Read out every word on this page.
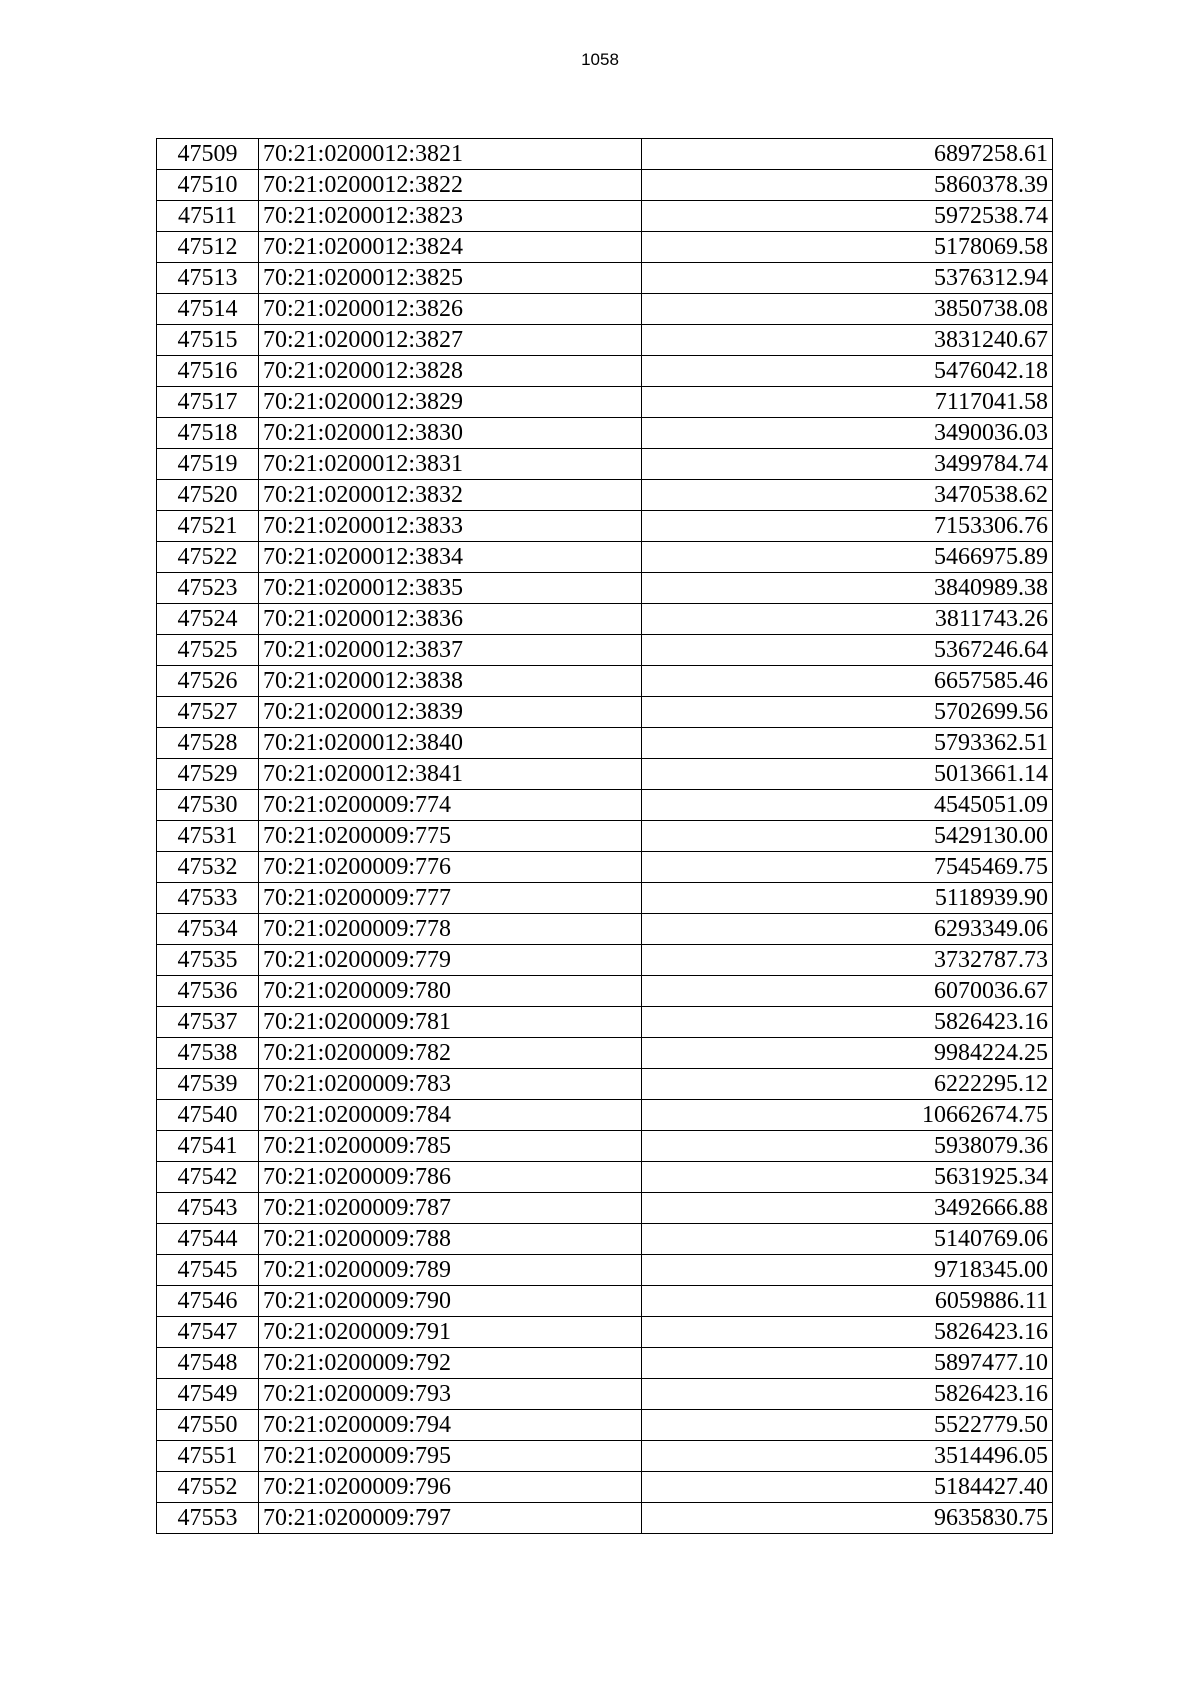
1058
47509	70:21:0200012:3821	6897258.61
47510	70:21:0200012:3822	5860378.39
47511	70:21:0200012:3823	5972538.74
47512	70:21:0200012:3824	5178069.58
47513	70:21:0200012:3825	5376312.94
47514	70:21:0200012:3826	3850738.08
47515	70:21:0200012:3827	3831240.67
47516	70:21:0200012:3828	5476042.18
47517	70:21:0200012:3829	7117041.58
47518	70:21:0200012:3830	3490036.03
47519	70:21:0200012:3831	3499784.74
47520	70:21:0200012:3832	3470538.62
47521	70:21:0200012:3833	7153306.76
47522	70:21:0200012:3834	5466975.89
47523	70:21:0200012:3835	3840989.38
47524	70:21:0200012:3836	3811743.26
47525	70:21:0200012:3837	5367246.64
47526	70:21:0200012:3838	6657585.46
47527	70:21:0200012:3839	5702699.56
47528	70:21:0200012:3840	5793362.51
47529	70:21:0200012:3841	5013661.14
47530	70:21:0200009:774	4545051.09
47531	70:21:0200009:775	5429130.00
47532	70:21:0200009:776	7545469.75
47533	70:21:0200009:777	5118939.90
47534	70:21:0200009:778	6293349.06
47535	70:21:0200009:779	3732787.73
47536	70:21:0200009:780	6070036.67
47537	70:21:0200009:781	5826423.16
47538	70:21:0200009:782	9984224.25
47539	70:21:0200009:783	6222295.12
47540	70:21:0200009:784	10662674.75
47541	70:21:0200009:785	5938079.36
47542	70:21:0200009:786	5631925.34
47543	70:21:0200009:787	3492666.88
47544	70:21:0200009:788	5140769.06
47545	70:21:0200009:789	9718345.00
47546	70:21:0200009:790	6059886.11
47547	70:21:0200009:791	5826423.16
47548	70:21:0200009:792	5897477.10
47549	70:21:0200009:793	5826423.16
47550	70:21:0200009:794	5522779.50
47551	70:21:0200009:795	3514496.05
47552	70:21:0200009:796	5184427.40
47553	70:21:0200009:797	9635830.75
